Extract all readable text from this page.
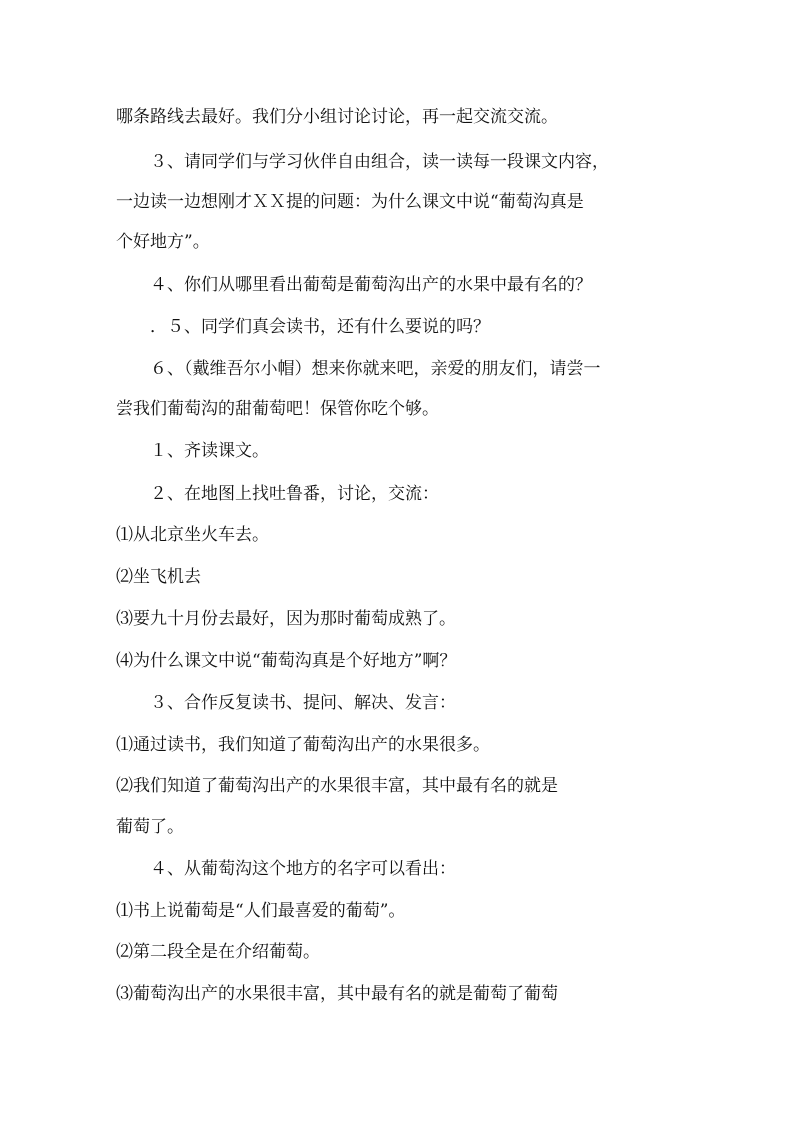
哪条路线去最好。我们分小组讨论讨论，再一起交流交流。
３、请同学们与学习伙伴自由组合，读一读每一段课文内容，
一边读一边想刚才ＸＸ提的问题：为什么课文中说“葡萄沟真是
个好地方”。
４、你们从哪里看出葡萄是葡萄沟出产的水果中最有名的？
．５、同学们真会读书，还有什么要说的吗？
６、（戴维吾尔小帽）想来你就来吧，亲爱的朋友们，请尝一
尝我们葡萄沟的甜葡萄吧！保管你吃个够。
１、齐读课文。
２、在地图上找吐鲁番，讨论，交流：
⑴从北京坐火车去。
⑵坐飞机去
⑶要九十月份去最好，因为那时葡萄成熟了。
⑷为什么课文中说“葡萄沟真是个好地方”啊？
３、合作反复读书、提问、解决、发言：
⑴通过读书，我们知道了葡萄沟出产的水果很多。
⑵我们知道了葡萄沟出产的水果很丰富，其中最有名的就是
葡萄了。
４、从葡萄沟这个地方的名字可以看出：
⑴书上说葡萄是“人们最喜爱的葡萄”。
⑵第二段全是在介绍葡萄。
⑶葡萄沟出产的水果很丰富，其中最有名的就是葡萄了葡萄
